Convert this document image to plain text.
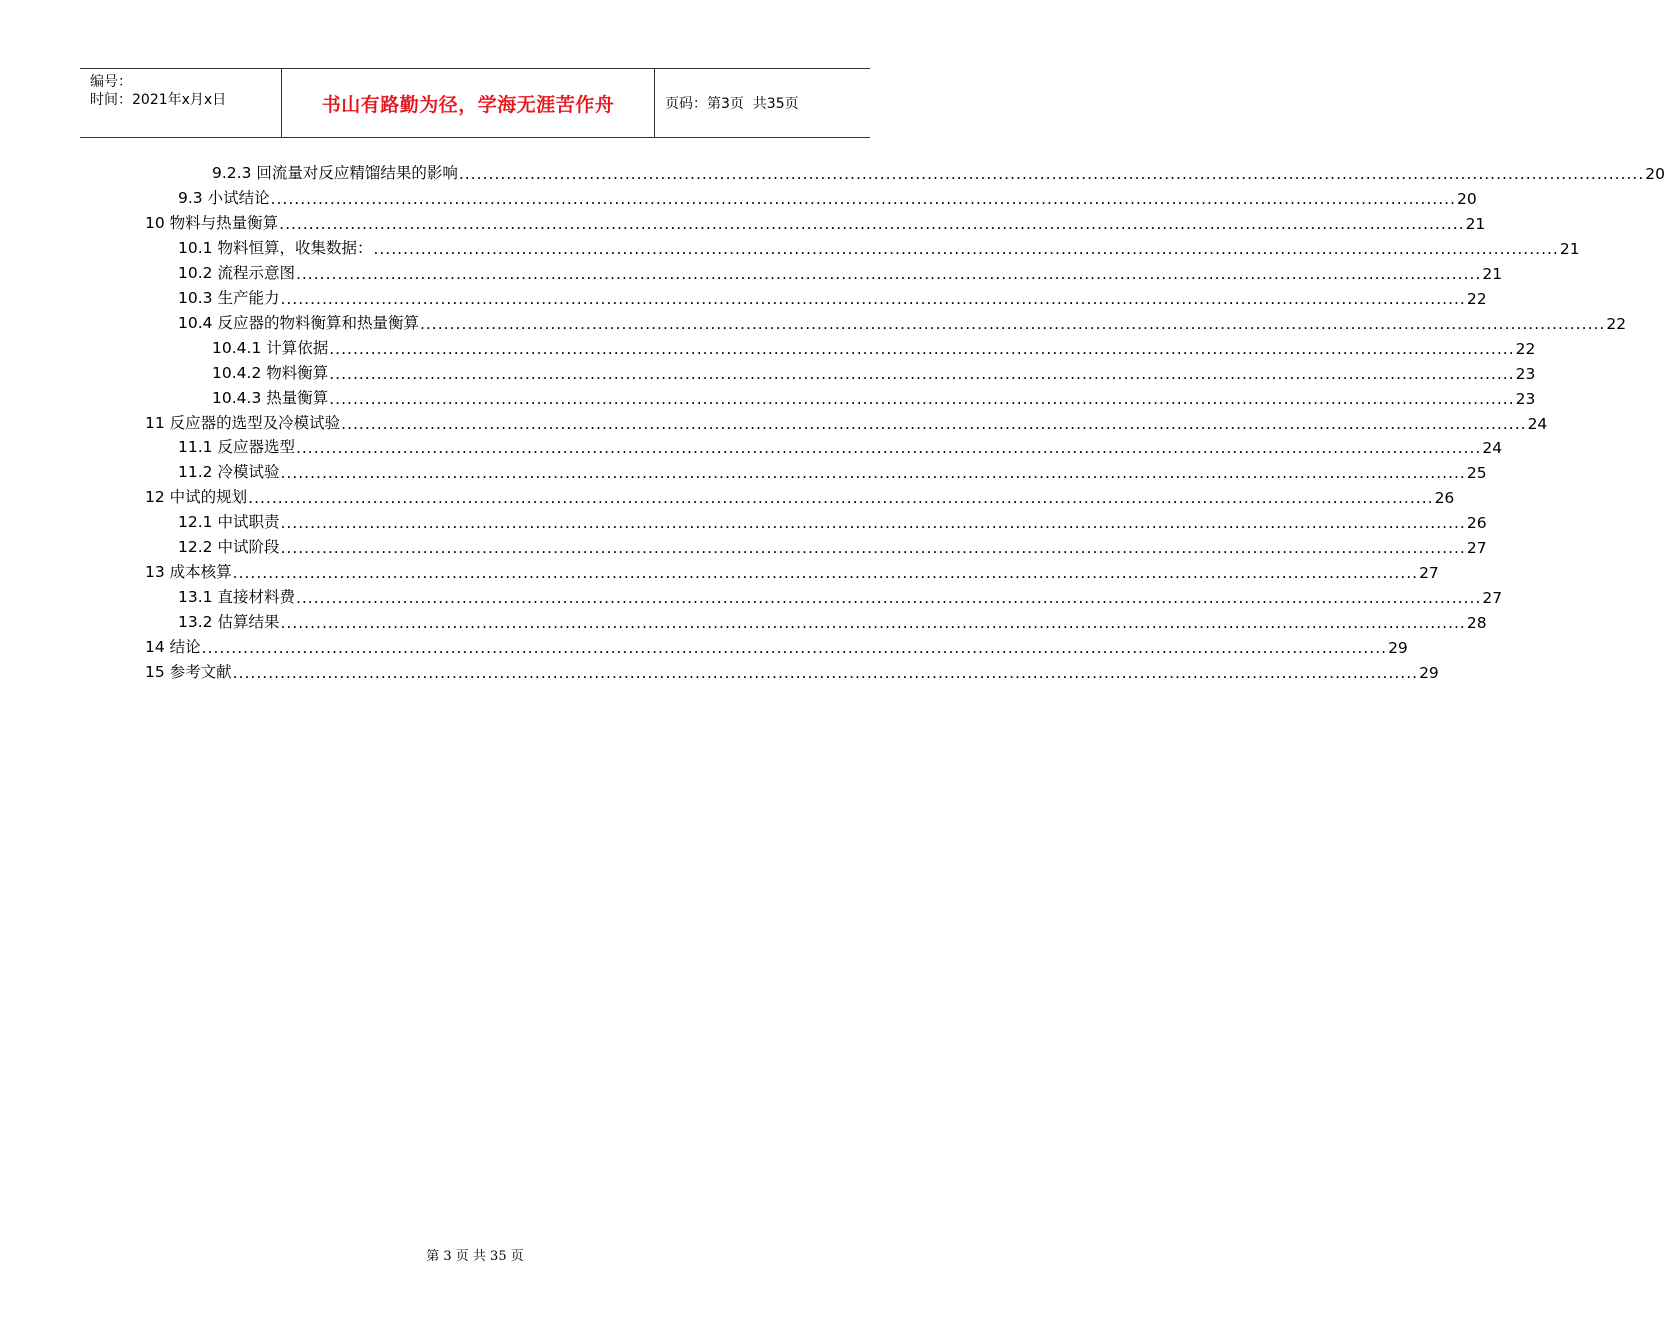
编号：
时间：2021年x月x日	书山有路勤为径，学海无涯苦作舟	页码：第3页  共35页
9.2.3 回流量对反应精馏结果的影响 ........................................................................................................................................................................................................ 20
9.3 小试结论 ........................................................................................................................................................................................................ 20
10 物料与热量衡算 ........................................................................................................................................................................................................ 21
10.1 物料恒算，收集数据： ........................................................................................................................................................................................................ 21
10.2 流程示意图 ........................................................................................................................................................................................................ 21
10.3 生产能力 ........................................................................................................................................................................................................ 22
10.4 反应器的物料衡算和热量衡算 ........................................................................................................................................................................................................ 22
10.4.1 计算依据 ........................................................................................................................................................................................................ 22
10.4.2 物料衡算 ........................................................................................................................................................................................................ 23
10.4.3 热量衡算 ........................................................................................................................................................................................................ 23
11 反应器的选型及冷模试验 ........................................................................................................................................................................................................ 24
11.1 反应器选型 ........................................................................................................................................................................................................ 24
11.2 冷模试验 ........................................................................................................................................................................................................ 25
12 中试的规划 ........................................................................................................................................................................................................ 26
12.1 中试职责 ........................................................................................................................................................................................................ 26
12.2 中试阶段 ........................................................................................................................................................................................................ 27
13 成本核算 ........................................................................................................................................................................................................ 27
13.1 直接材料费 ........................................................................................................................................................................................................ 27
13.2 估算结果 ........................................................................................................................................................................................................ 28
14 结论 ........................................................................................................................................................................................................ 29
15 参考文献 ........................................................................................................................................................................................................ 29
第 3 页 共 35 页
